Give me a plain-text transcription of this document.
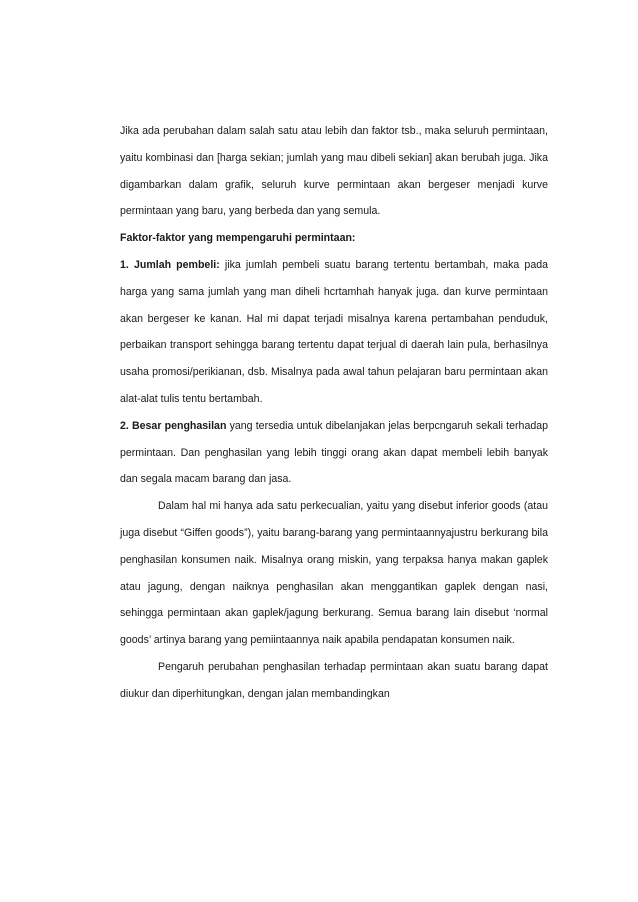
Jika ada perubahan dalam salah satu atau lebih dan faktor tsb., maka seluruh permintaan, yaitu kombinasi dan [harga sekian; jumlah yang mau dibeli sekian] akan berubah juga. Jika digambarkan dalam grafik, seluruh kurve permintaan akan bergeser menjadi kurve permintaan yang baru, yang berbeda dan yang semula.

Faktor-faktor yang mempengaruhi permintaan:

1. Jumlah pembeli: jika jumlah pembeli suatu barang tertentu bertambah, maka pada harga yang sama jumlah yang man diheli hcrtamhah hanyak juga. dan kurve permintaan akan bergeser ke kanan. Hal mi dapat terjadi misalnya karena pertambahan penduduk, perbaikan transport sehingga barang tertentu dapat terjual di daerah lain pula, berhasilnya usaha promosi/perikianan, dsb. Misalnya pada awal tahun pelajaran baru permintaan akan alat-alat tulis tentu bertambah.

2. Besar penghasilan yang tersedia untuk dibelanjakan jelas berpcngaruh sekali terhadap permintaan. Dan penghasilan yang lebih tinggi orang akan dapat membeli lebih banyak dan segala macam barang dan jasa.

Dalam hal mi hanya ada satu perkecualian, yaitu yang disebut inferior goods (atau juga disebut “Giffen goods”), yaitu barang-barang yang permintaannyajustru berkurang bila penghasilan konsumen naik. Misalnya orang miskin, yang terpaksa hanya makan gaplek atau jagung, dengan naiknya penghasilan akan menggantikan gaplek dengan nasi, sehingga permintaan akan gaplek/jagung berkurang. Semua barang lain disebut ‘normal goods’ artinya barang yang pemiintaannya naik apabila pendapatan konsumen naik.

Pengaruh perubahan penghasilan terhadap permintaan akan suatu barang dapat diukur dan diperhitungkan, dengan jalan membandingkan
